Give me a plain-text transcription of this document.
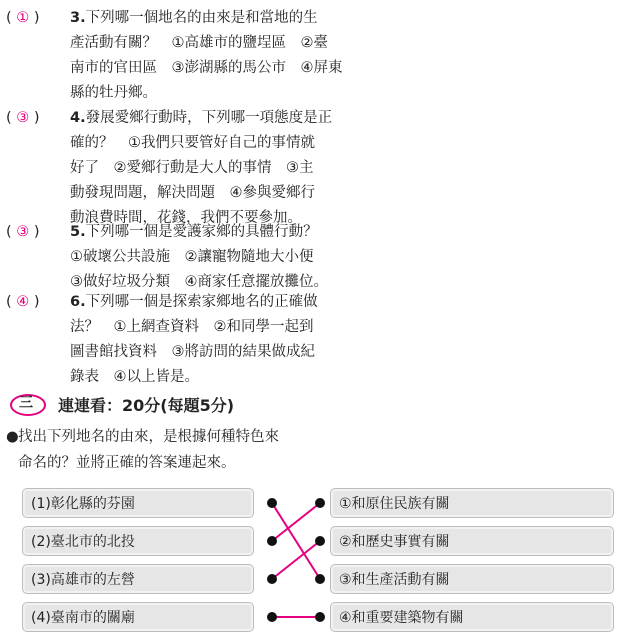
( ① )	3.下列哪一個地名的由來是和當地的生
產活動有關？　①高雄市的鹽埕區　②臺
南市的官田區　③澎湖縣的馬公市　④屏東
縣的牡丹鄉。
( ③ )	4.發展愛鄉行動時，下列哪一項態度是正
確的？　①我們只要管好自己的事情就
好了　②愛鄉行動是大人的事情　③主
動發現問題，解決問題　④參與愛鄉行
動浪費時間，花錢，我們不要參加。
( ③ )	5.下列哪一個是愛護家鄉的具體行動？
①破壞公共設施　②讓寵物隨地大小便
③做好垃圾分類　④商家任意擺放攤位。
( ④ )	6.下列哪一個是探索家鄉地名的正確做
法？　①上網查資料　②和同學一起到
圖書館找資料　③將訪問的結果做成紀
錄表　④以上皆是。
三 連連看：20分(每題5分)
●找出下列地名的由來，是根據何種特色來
命名的？並將正確的答案連起來。
(1)彰化縣的芬園
(2)臺北市的北投
(3)高雄市的左營
(4)臺南市的關廟
①和原住民族有關
②和歷史事實有關
③和生產活動有關
④和重要建築物有關
